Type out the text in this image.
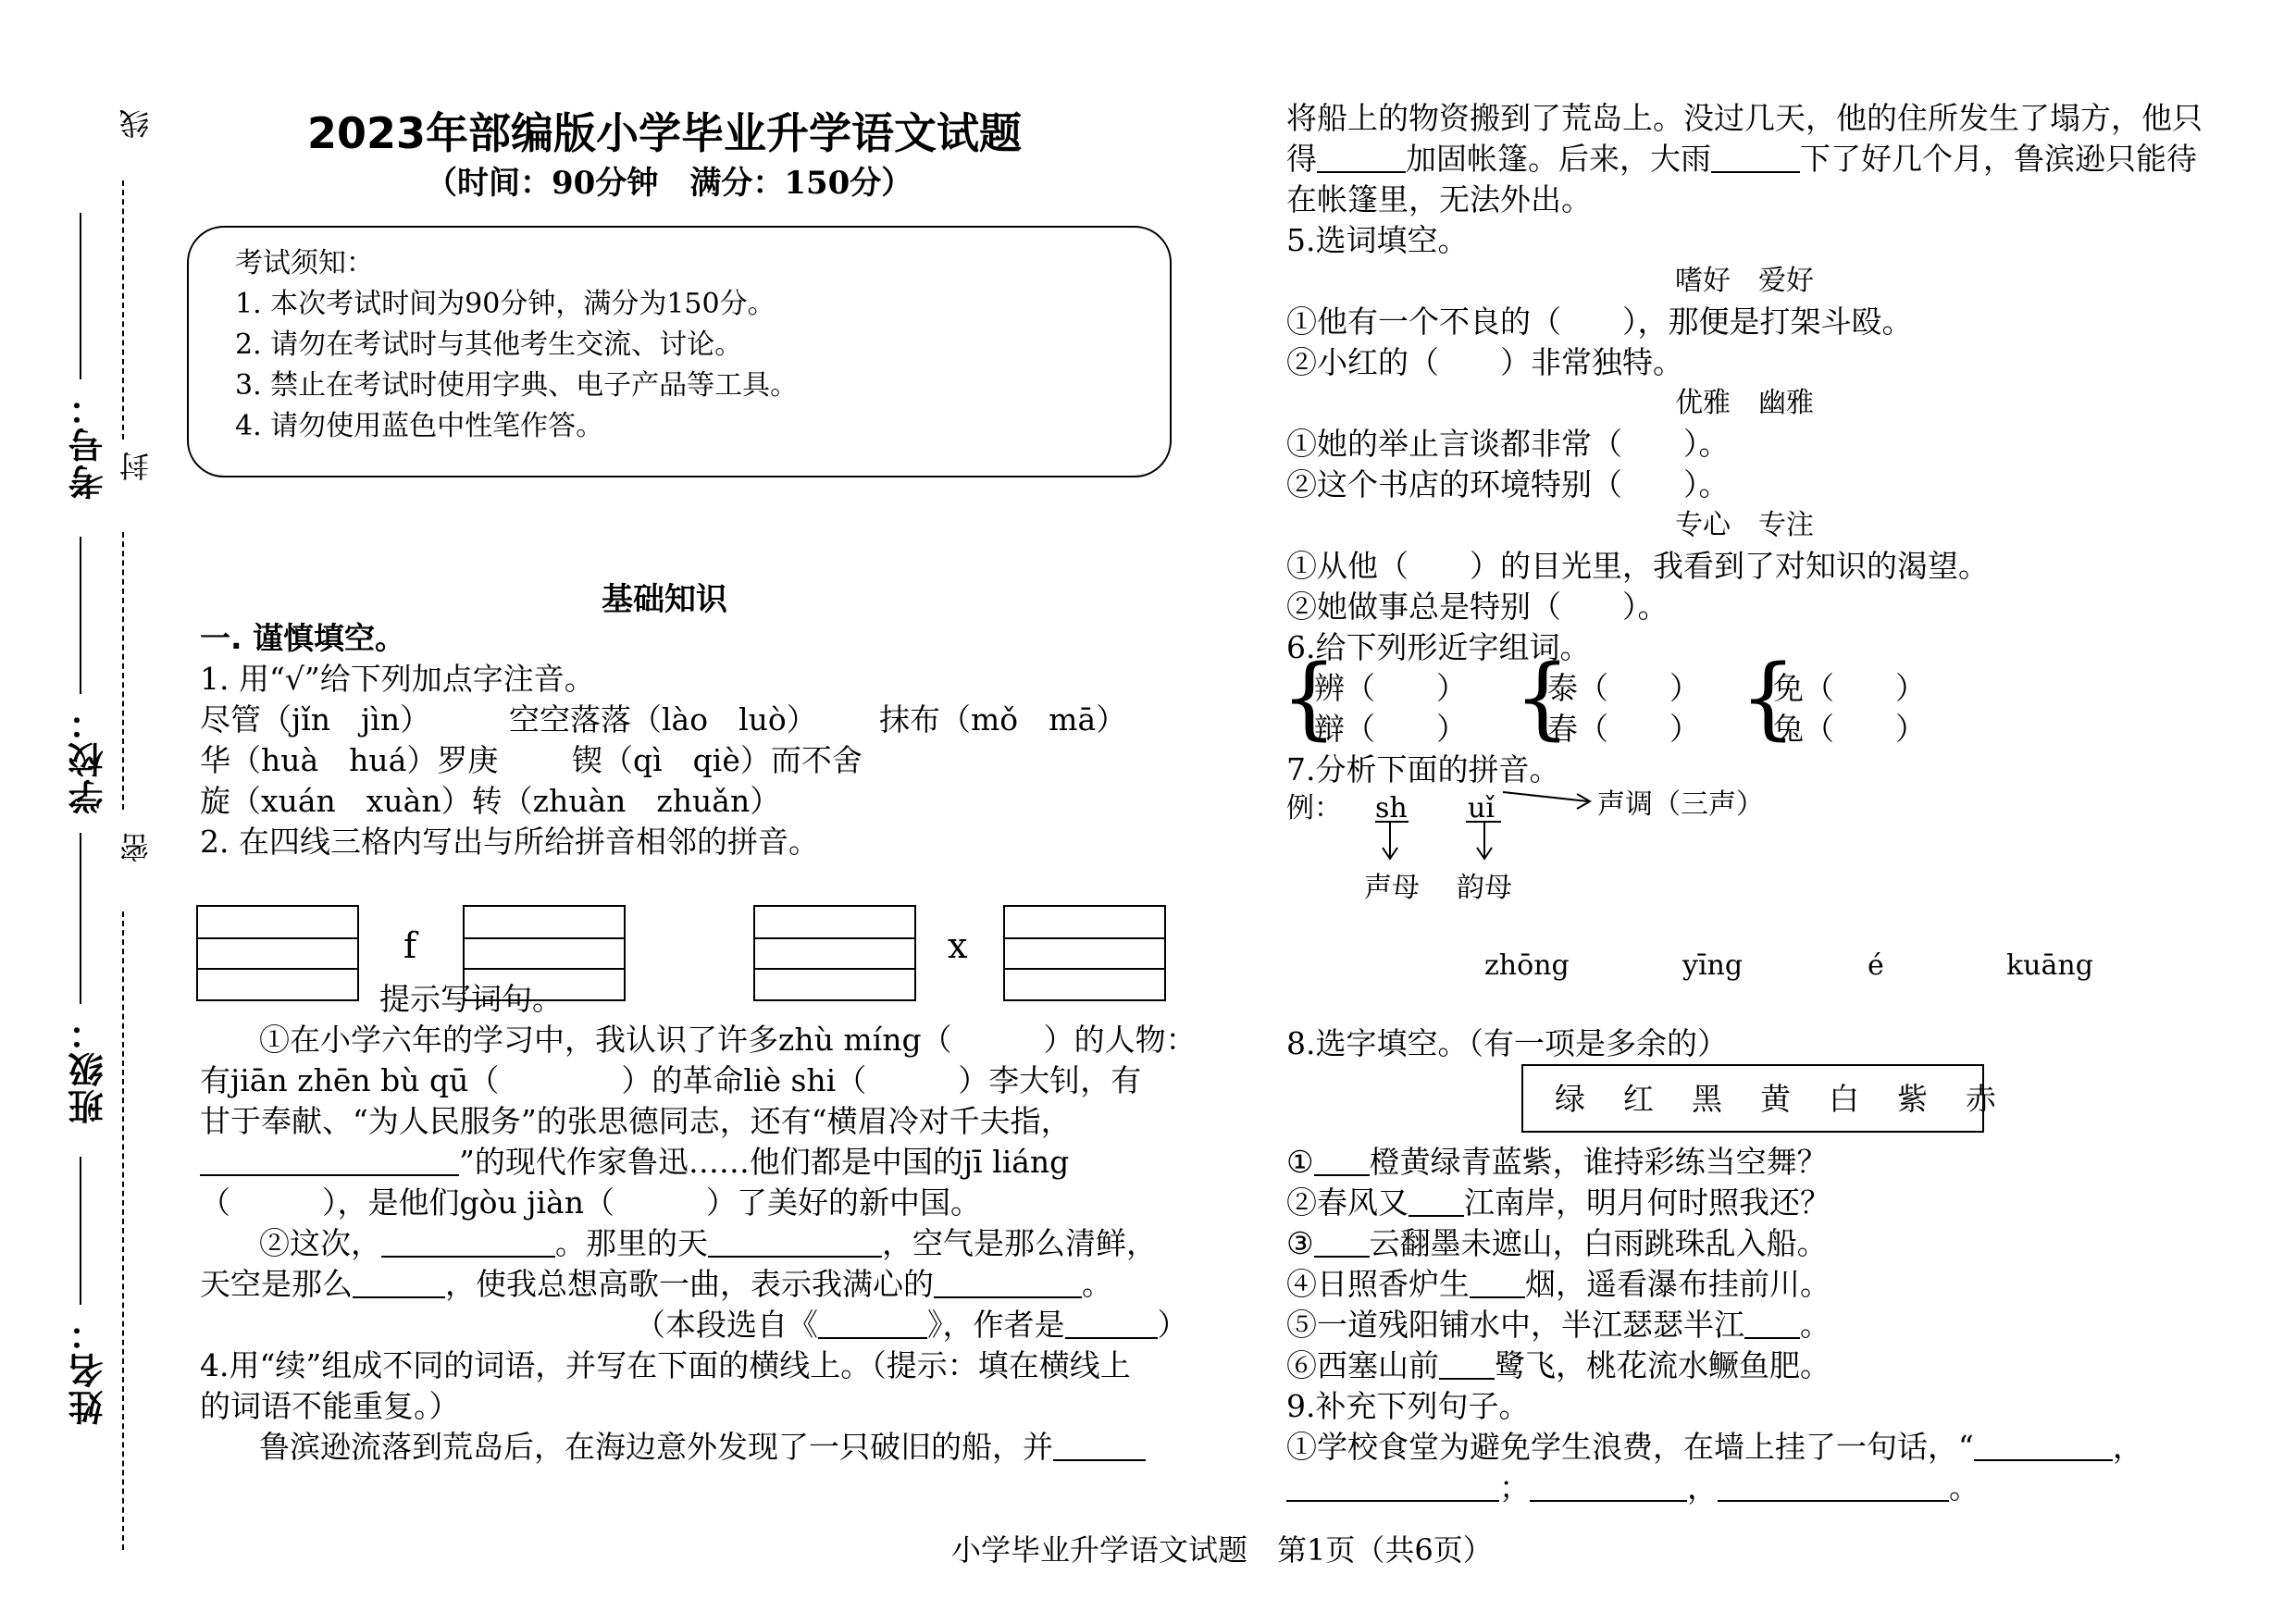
线
封
密
考号：
学校：
班级：
姓名：
2023年部编版小学毕业升学语文试题
（时间：90分钟　满分：150分）
考试须知：
1. 本次考试时间为90分钟，满分为150分。
2. 请勿在考试时与其他考生交流、讨论。
3. 禁止在考试时使用字典、电子产品等工具。
4. 请勿使用蓝色中性笔作答。
基础知识
一. 谨慎填空。
1. 用“√”给下列加点字注音。
尽管（jǐn　jìn）	空空落落（lào　luò） 抹布（mǒ　mā）
华（huà　huá）罗庚 锲（qì　qiè）而不舍
旋（xuán　xuàn）转（zhuàn　zhuǎn）
2. 在四线三格内写出与所给拼音相邻的拼音。
f	x
提示写词句。
①在小学六年的学习中，我认识了许多zhù míng（　　　）的人物：
有jiān zhēn bù qū（　　　　）的革命liè shi（　　　）李大钊，有
甘于奉献、“为人民服务”的张思德同志，还有“横眉冷对千夫指，
”的现代作家鲁迅……他们都是中国的jī liáng
（　　　），是他们gòu jiàn（　　　）了美好的新中国。
②这次，	。那里的天	，空气是那么清鲜，
天空是那么	，使我总想高歌一曲，表示我满心的	。
（本段选自《	》，作者是	）
4.用“续”组成不同的词语，并写在下面的横线上。（提示：填在横线上
的词语不能重复。）
鲁滨逊流落到荒岛后，在海边意外发现了一只破旧的船，并
将船上的物资搬到了荒岛上。没过几天，他的住所发生了塌方，他只
得	加固帐篷。后来，大雨	下了好几个月，鲁滨逊只能待
在帐篷里，无法外出。
5.选词填空。
嗜好　爱好
①他有一个不良的（　　），那便是打架斗殴。
②小红的（　　）非常独特。
优雅　幽雅
①她的举止言谈都非常（　　）。
②这个书店的环境特别（　　）。
专心　专注
①从他（　　）的目光里，我看到了对知识的渴望。
②她做事总是特别（　　）。
6.给下列形近字组词。
{
辨（　　）
辩（　　） {
泰（　　）
春（　　） {
免（　　）
兔（　　）
7.分析下面的拼音。
例： sh uǐ	声调（三声）
声母 韵母
zhōng	yīng	é	kuāng
8.选字填空。（有一项是多余的）
绿　红　黑　黄　白　紫　赤
① 橙黄绿青蓝紫，谁持彩练当空舞？
②春风又 江南岸，明月何时照我还？
③ 云翻墨未遮山，白雨跳珠乱入船。
④日照香炉生 烟，遥看瀑布挂前川。
⑤一道残阳铺水中，半江瑟瑟半江 。
⑥西塞山前 鹭飞，桃花流水鳜鱼肥。
9.补充下列句子。
①学校食堂为避免学生浪费，在墙上挂了一句话，“	，
；	，	。
小学毕业升学语文试题　第1页（共6页）
